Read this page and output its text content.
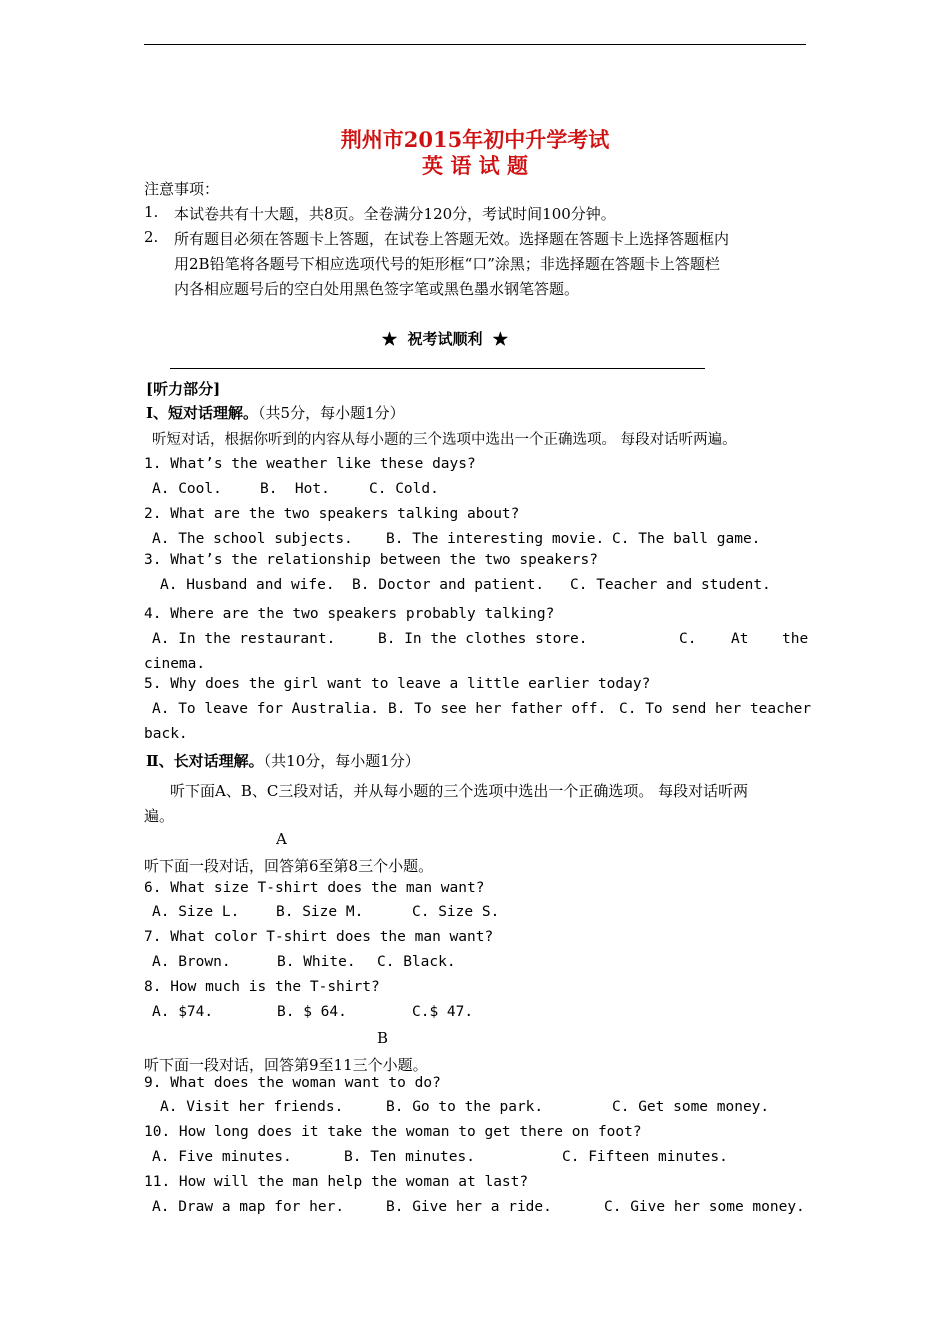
荆州市2015年初中升学考试
英 语 试 题
注意事项：
1. 本试卷共有十大题，共8页。全卷满分120分，考试时间100分钟。
2. 所有题目必须在答题卡上答题，在试卷上答题无效。选择题在答题卡上选择答题框内
用2B铅笔将各题号下相应选项代号的矩形框“口”涂黑；非选择题在答题卡上答题栏
内各相应题号后的空白处用黑色签字笔或黑色墨水钢笔答题。
★  祝考试顺利  ★
[听力部分]
Ⅰ、短对话理解。（共5分，每小题1分）
听短对话，根据你听到的内容从每小题的三个选项中选出一个正确选项。 每段对话听两遍。
1. What’s the weather like these days?
A. Cool.	B.  Hot.	C. Cold.
2. What are the two speakers talking about?
A. The school subjects. B. The interesting movie. C. The ball game.
3. What’s the relationship between the two speakers?
A. Husband and wife. B. Doctor and patient. C. Teacher and student.
4. Where are the two speakers probably talking?
A. In the restaurant.	B. In the clothes store.	C. At the
cinema.
5. Why does the girl want to leave a little earlier today?
A. To leave for Australia. B. To see her father off. C. To send her teacher
back.
Ⅱ、长对话理解。（共10分，每小题1分）
听下面A、B、C三段对话，并从每小题的三个选项中选出一个正确选项。 每段对话听两
遍。
A
听下面一段对话，回答第6至第8三个小题。
6. What size T-shirt does the man want?
A. Size L.	B. Size M.	C. Size S.
7. What color T-shirt does the man want?
A. Brown.	B. White. C. Black.
8. How much is the T-shirt?
A. $74.	B. $ 64.	C.$ 47.
B
听下面一段对话，回答第9至11三个小题。
9. What does the woman want to do?
A. Visit her friends.	B. Go to the park.	C. Get some money.
10. How long does it take the woman to get there on foot?
A. Five minutes.	B. Ten minutes.	C. Fifteen minutes.
11. How will the man help the woman at last?
A. Draw a map for her.	B. Give her a ride.	C. Give her some money.
